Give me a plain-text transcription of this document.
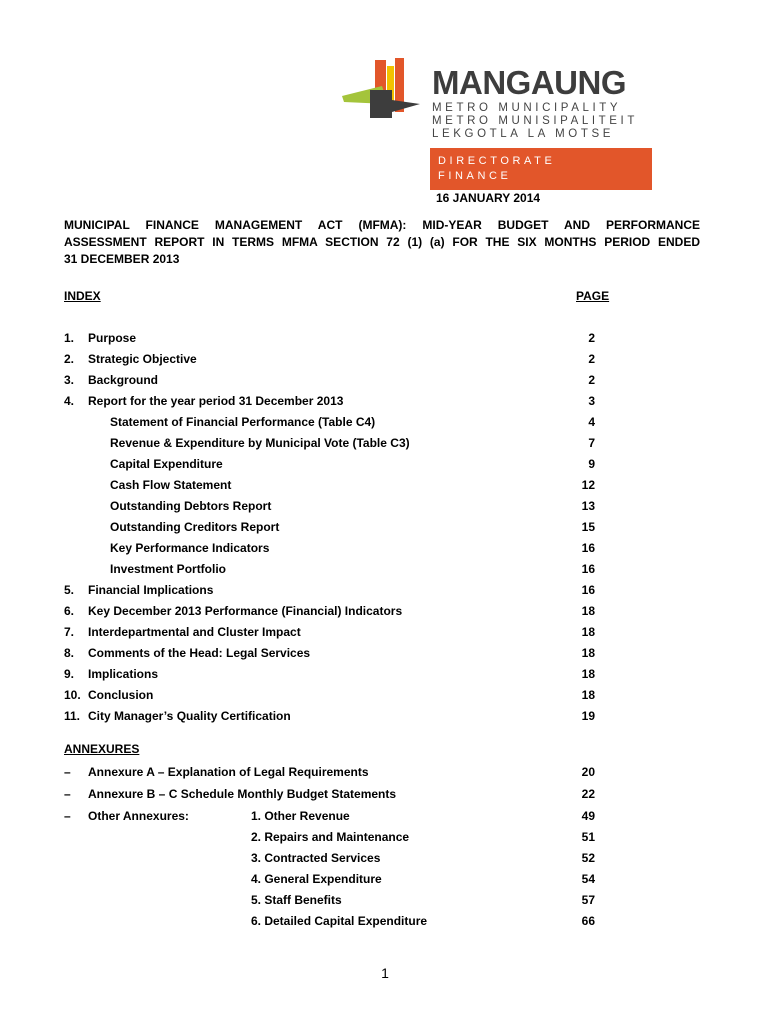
MANGAUNG
METRO MUNICIPALITY
METRO MUNISIPALITEIT
LEKGOTLA LA MOTSE
DIRECTORATE
FINANCE
16 JANUARY 2014
MUNICIPAL FINANCE MANAGEMENT ACT (MFMA): MID-YEAR BUDGET AND PERFORMANCE
ASSESSMENT REPORT IN TERMS MFMA SECTION 72 (1) (a) FOR THE SIX MONTHS PERIOD ENDED
31 DECEMBER 2013
INDEX	PAGE
1. Purpose	2
2. Strategic Objective	2
3. Background	2
4. Report for the year period 31 December 2013	3
Statement of Financial Performance (Table C4)	4
Revenue & Expenditure by Municipal Vote (Table C3)	7
Capital Expenditure	9
Cash Flow Statement	12
Outstanding Debtors Report	13
Outstanding Creditors Report	15
Key Performance Indicators	16
Investment Portfolio	16
5. Financial Implications	16
6. Key December 2013 Performance (Financial) Indicators	18
7. Interdepartmental and Cluster Impact	18
8. Comments of the Head: Legal Services	18
9. Implications	18
10. Conclusion	18
11. City Manager’s Quality Certification	19
ANNEXURES
– Annexure A – Explanation of Legal Requirements	20
– Annexure B – C Schedule Monthly Budget Statements	22
– Other Annexures:	1. Other Revenue	49
2. Repairs and Maintenance	51
3. Contracted Services	52
4. General Expenditure	54
5. Staff Benefits	57
6. Detailed Capital Expenditure	66
1
